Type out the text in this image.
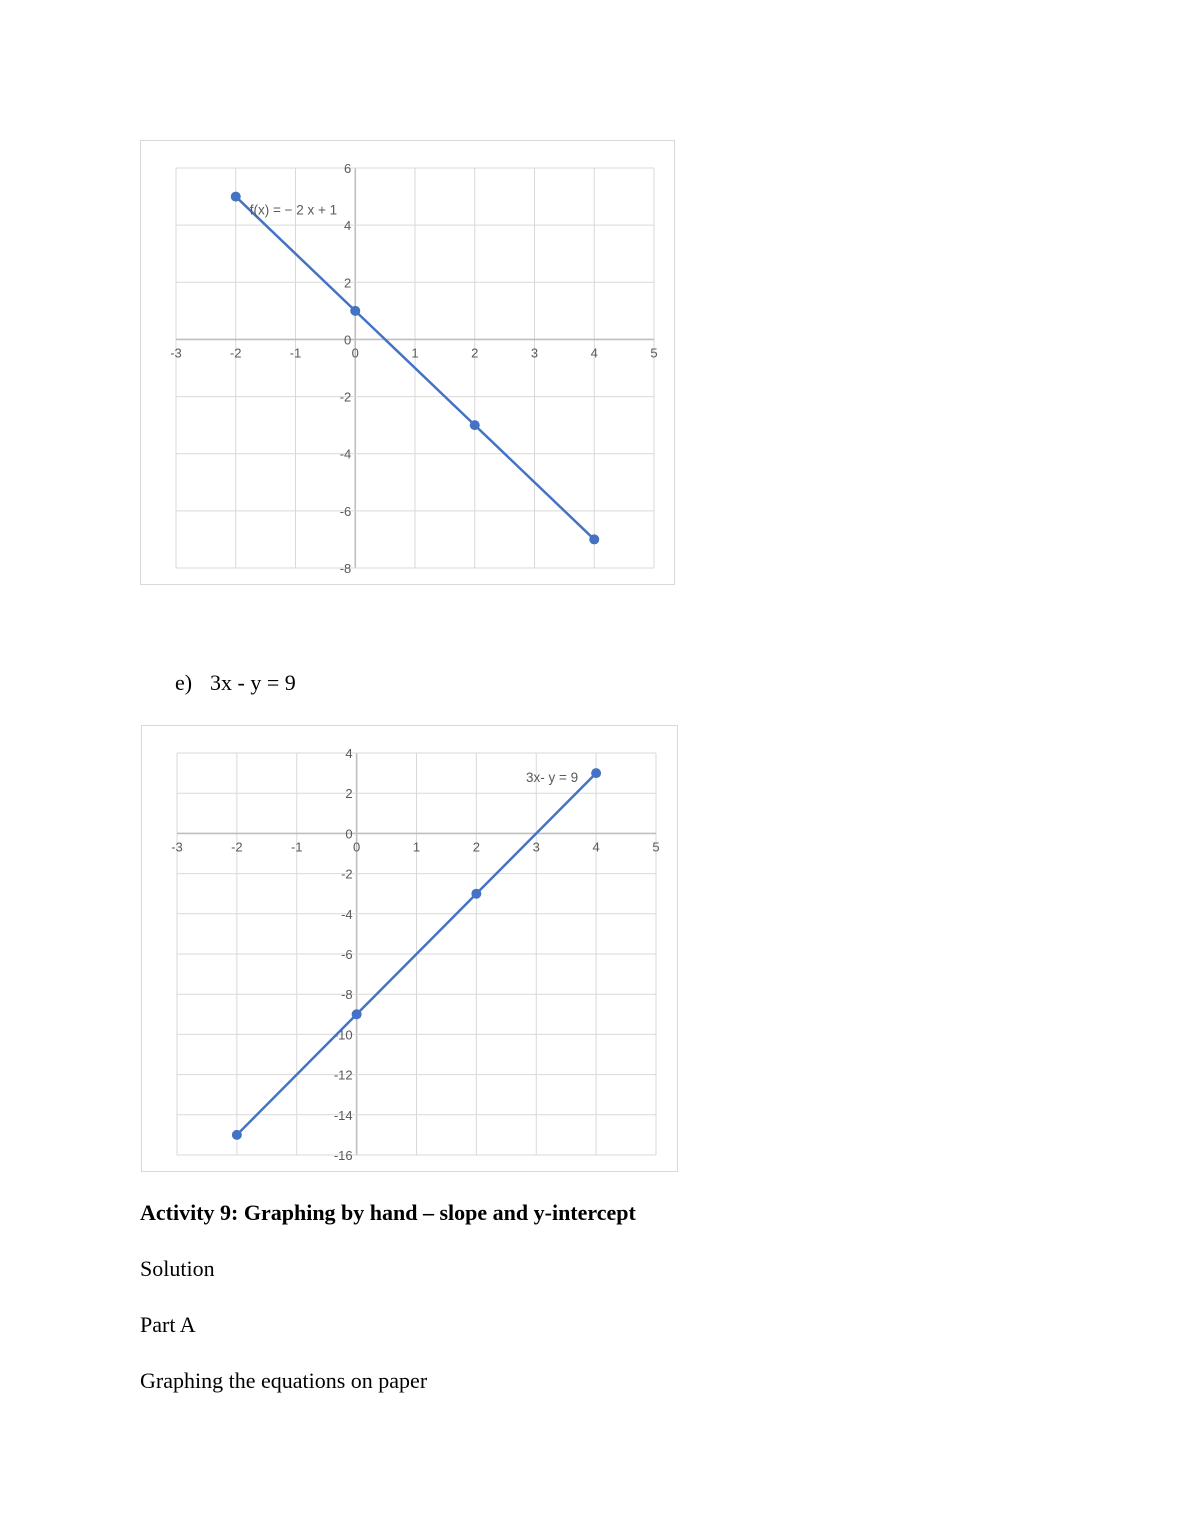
-3	-2	-1	0	1	2	3	4	5
-8
-6
-4
-2
0
2
4
6
f(x) = − 2 x + 1
e) 3x - y = 9
-3	-2	-1	0	1	2	3	4	5
-16
-14
-12
-10
-8
-6
-4
-2
0
2
4
3x- y = 9
Activity 9: Graphing by hand – slope and y-intercept
Solution
Part A
Graphing the equations on paper
